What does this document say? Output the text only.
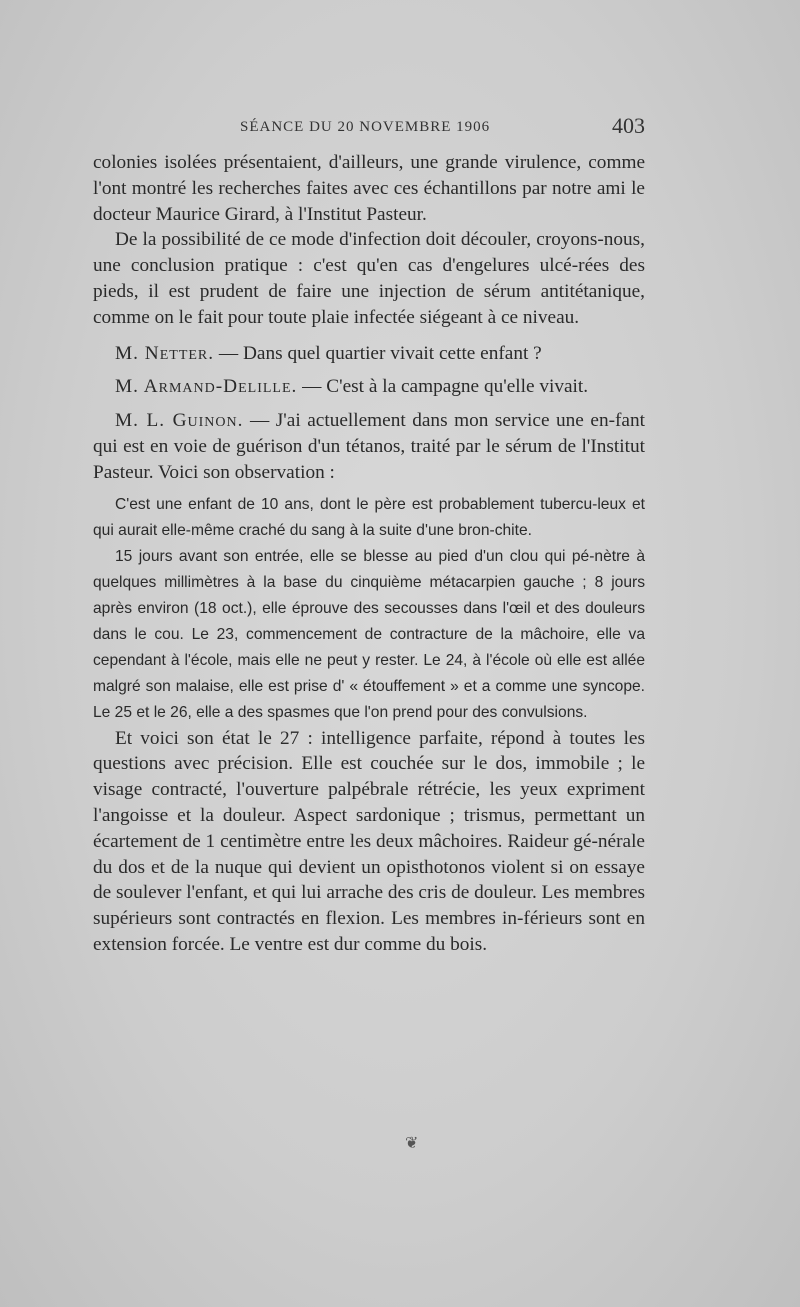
SÉANCE DU 20 NOVEMBRE 1906	403

colonies isolées présentaient, d'ailleurs, une grande virulence, comme l'ont montré les recherches faites avec ces échantillons par notre ami le docteur Maurice Girard, à l'Institut Pasteur.

De la possibilité de ce mode d'infection doit découler, croyons-nous, une conclusion pratique : c'est qu'en cas d'engelures ulcé-rées des pieds, il est prudent de faire une injection de sérum antitétanique, comme on le fait pour toute plaie infectée siégeant à ce niveau.

M. Netter. — Dans quel quartier vivait cette enfant ?

M. Armand-Delille. — C'est à la campagne qu'elle vivait.

M. L. Guinon. — J'ai actuellement dans mon service une en-fant qui est en voie de guérison d'un tétanos, traité par le sérum de l'Institut Pasteur. Voici son observation :

C'est une enfant de 10 ans, dont le père est probablement tubercu-leux et qui aurait elle-même craché du sang à la suite d'une bron-chite.

15 jours avant son entrée, elle se blesse au pied d'un clou qui pé-nètre à quelques millimètres à la base du cinquième métacarpien gauche ; 8 jours après environ (18 oct.), elle éprouve des secousses dans l'œil et des douleurs dans le cou. Le 23, commencement de contracture de la mâchoire, elle va cependant à l'école, mais elle ne peut y rester. Le 24, à l'école où elle est allée malgré son malaise, elle est prise d' « étouffement » et a comme une syncope. Le 25 et le 26, elle a des spasmes que l'on prend pour des convulsions.

Et voici son état le 27 : intelligence parfaite, répond à toutes les questions avec précision. Elle est couchée sur le dos, immobile ; le visage contracté, l'ouverture palpébrale rétrécie, les yeux expriment l'angoisse et la douleur. Aspect sardonique ; trismus, permettant un écartement de 1 centimètre entre les deux mâchoires. Raideur gé-nérale du dos et de la nuque qui devient un opisthotonos violent si on essaye de soulever l'enfant, et qui lui arrache des cris de douleur. Les membres supérieurs sont contractés en flexion. Les membres in-férieurs sont en extension forcée. Le ventre est dur comme du bois.

❦
